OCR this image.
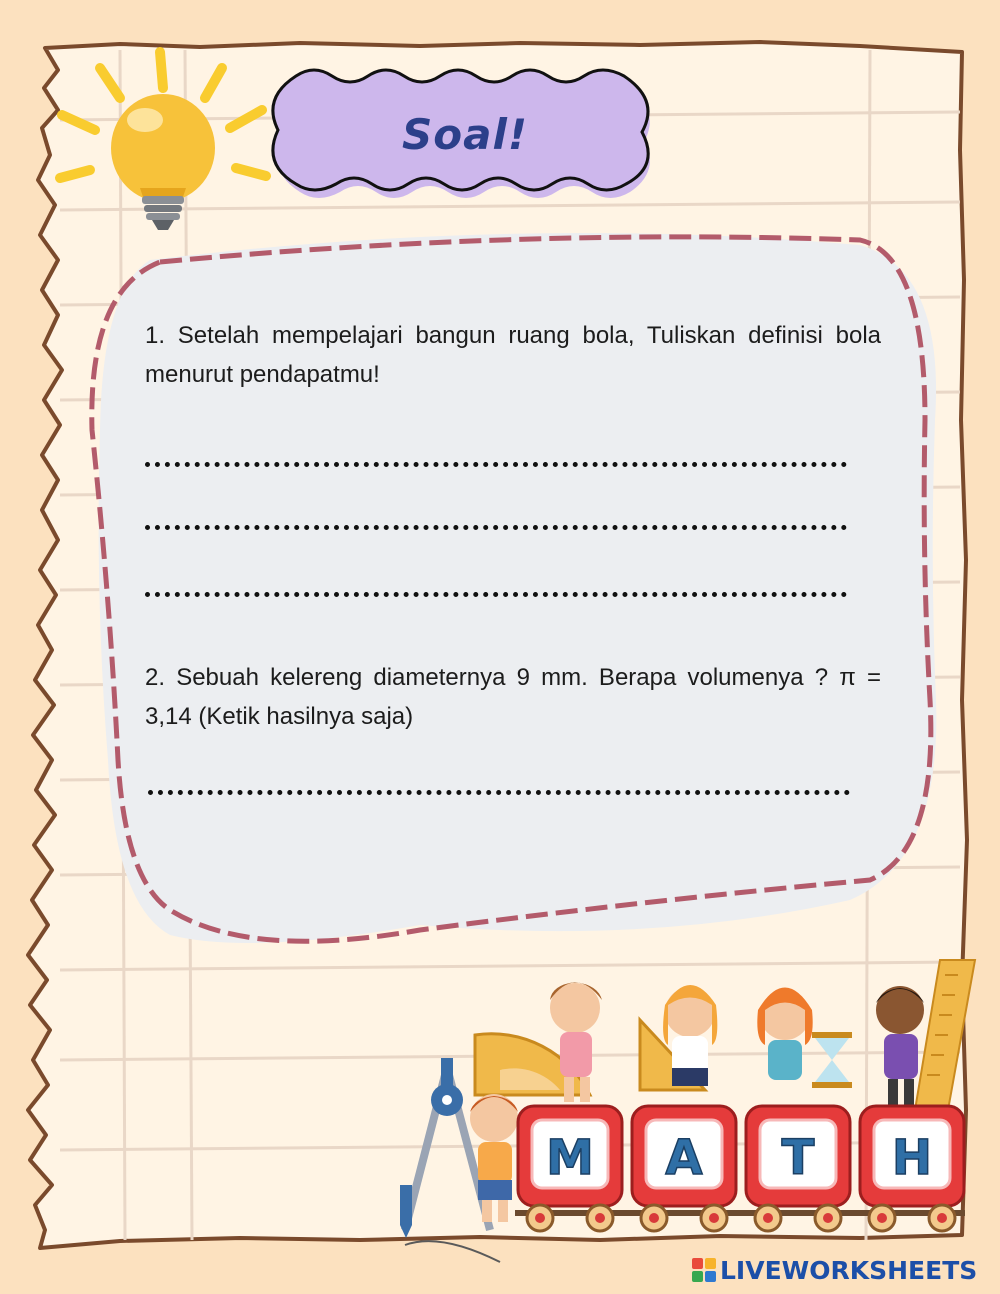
M A T H
Soal!
1. Setelah mempelajari bangun ruang bola, Tuliskan definisi bola menurut pendapatmu!
2. Sebuah kelereng diameternya 9 mm. Berapa volumenya ? π = 3,14 (Ketik hasilnya saja)
LIVEWORKSHEETS
